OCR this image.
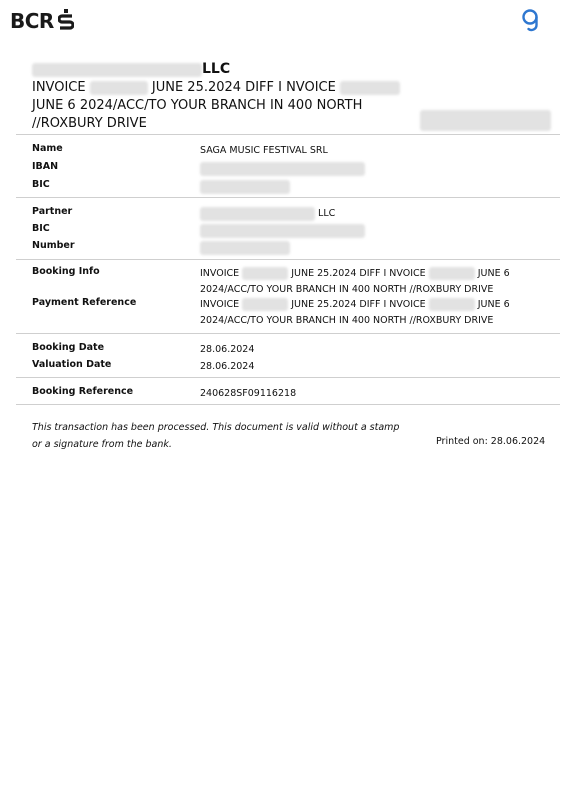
BCR
LLC
INVOICE	JUNE 25.2024 DIFF I NVOICE
JUNE 6 2024/ACC/TO YOUR BRANCH IN 400 NORTH
//ROXBURY DRIVE
Name	SAGA MUSIC FESTIVAL SRL
IBAN
BIC
Partner	LLC
BIC
Number
Booking Info	INVOICE	JUNE 25.2024 DIFF I NVOICE	JUNE 6
2024/ACC/TO YOUR BRANCH IN 400 NORTH //ROXBURY DRIVE
Payment Reference	INVOICE	JUNE 25.2024 DIFF I NVOICE	JUNE 6
2024/ACC/TO YOUR BRANCH IN 400 NORTH //ROXBURY DRIVE
Booking Date	28.06.2024
Valuation Date	28.06.2024
Booking Reference	240628SF09116218
This transaction has been processed. This document is valid without a stamp
or a signature from the bank.	Printed on: 28.06.2024
